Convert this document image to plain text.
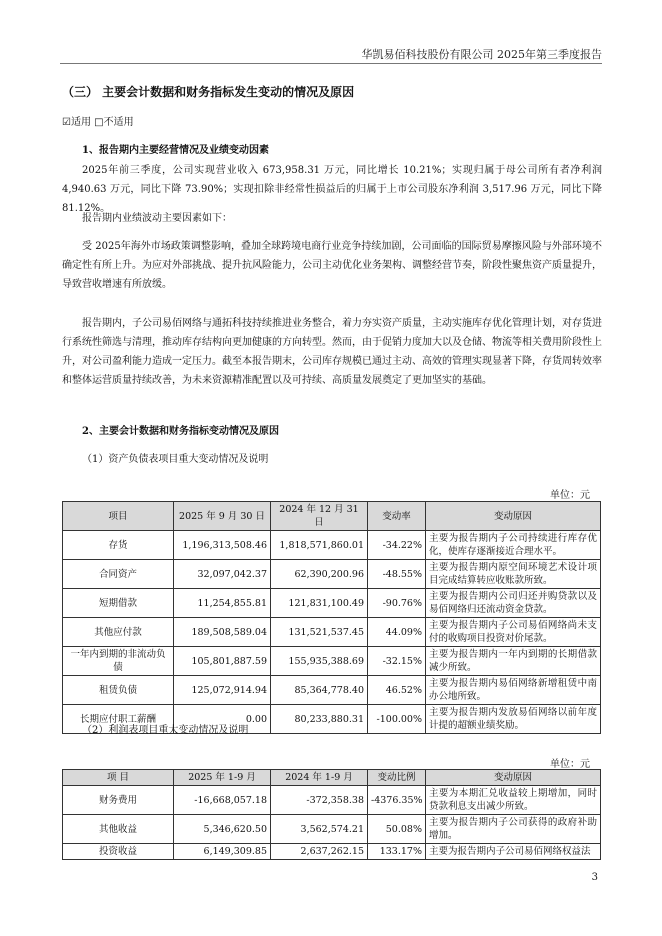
华凯易佰科技股份有限公司 2025年第三季度报告
（三） 主要会计数据和财务指标发生变动的情况及原因
☑适用 □不适用
1、报告期内主要经营情况及业绩变动因素

2025年前三季度，公司实现营业收入 673,958.31 万元，同比增长 10.21%；实现归属于母公司所有者净利润 4,940.63 万元，同比下降 73.90%；实现扣除非经常性损益后的归属于上市公司股东净利润 3,517.96 万元，同比下降 81.12%。

报告期内业绩波动主要因素如下：

受 2025年海外市场政策调整影响，叠加全球跨境电商行业竞争持续加剧，公司面临的国际贸易摩擦风险与外部环境不确定性有所上升。为应对外部挑战、提升抗风险能力，公司主动优化业务架构、调整经营节奏，阶段性聚焦资产质量提升，导致营收增速有所放缓。

报告期内，子公司易佰网络与通拓科技持续推进业务整合，着力夯实资产质量，主动实施库存优化管理计划，对存货进行系统性筛选与清理，推动库存结构向更加健康的方向转型。然而，由于促销力度加大以及仓储、物流等相关费用阶段性上升，对公司盈利能力造成一定压力。截至本报告期末，公司库存规模已通过主动、高效的管理实现显著下降，存货周转效率和整体运营质量持续改善，为未来资源精准配置以及可持续、高质量发展奠定了更加坚实的基础。

2、主要会计数据和财务指标变动情况及原因
（1）资产负债表项目重大变动情况及说明
单位：元
项目	2025 年 9 月 30 日	2024 年 12 月 31 日	变动率	变动原因
存货	1,196,313,508.46	1,818,571,860.01	-34.22%	主要为报告期内子公司持续进行库存优化，使库存逐渐接近合理水平。
合同资产	32,097,042.37	62,390,200.96	-48.55%	主要为报告期内原空间环境艺术设计项目完成结算转应收账款所致。
短期借款	11,254,855.81	121,831,100.49	-90.76%	主要为报告期内公司归还并购贷款以及易佰网络归还流动资金贷款。
其他应付款	189,508,589.04	131,521,537.45	44.09%	主要为报告期内子公司易佰网络尚未支付的收购项目投资对价尾款。
一年内到期的非流动负债	105,801,887.59	155,935,388.69	-32.15%	主要为报告期内一年内到期的长期借款减少所致。
租赁负债	125,072,914.94	85,364,778.40	46.52%	主要为报告期内易佰网络新增租赁中南办公地所致。
长期应付职工薪酬	0.00	80,233,880.31	-100.00%	主要为报告期内发放易佰网络以前年度计提的超额业绩奖励。
（2）利润表项目重大变动情况及说明
单位：元
项 目	2025 年 1-9 月	2024 年 1-9 月	变动比例	变动原因
财务费用	-16,668,057.18	-372,358.38	-4376.35%	主要为本期汇兑收益较上期增加，同时贷款利息支出减少所致。
其他收益	5,346,620.50	3,562,574.21	50.08%	主要为报告期内子公司获得的政府补助增加。
投资收益	6,149,309.85	2,637,262.15	133.17%	主要为报告期内子公司易佰网络权益法
3
